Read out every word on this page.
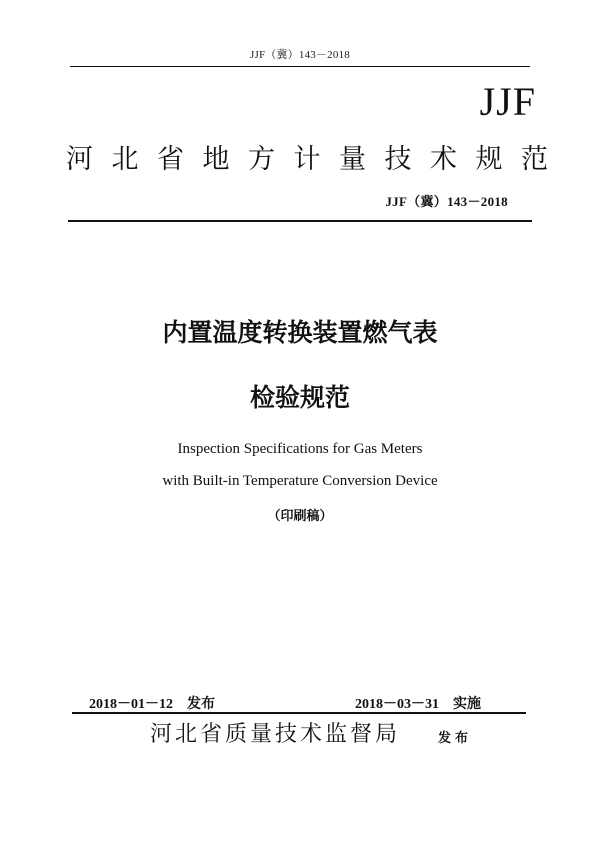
JJF（冀）143－2018
JJF
河北省地方计量技术规范
JJF（冀）143－2018
内置温度转换装置燃气表
检验规范
Inspection Specifications for Gas Meters
with Built-in Temperature Conversion Device
（印刷稿）
2018－01－12 发布	2018－03－31 实施
河北省质量技术监督局	发布
